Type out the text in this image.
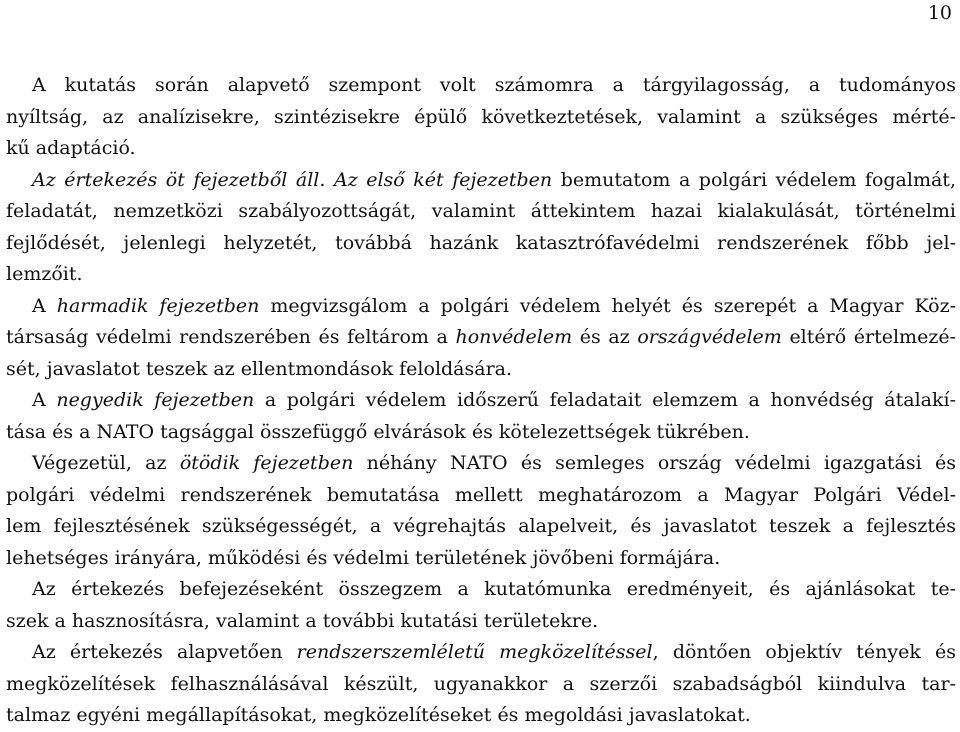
10
A kutatás során alapvető szempont volt számomra a tárgyilagosság, a tudományos
nyíltság, az analízisekre, szintézisekre épülő következtetések, valamint a szükséges mérté-
kű adaptáció.
Az értekezés öt fejezetből áll. Az első két fejezetben bemutatom a polgári védelem fogalmát,
feladatát, nemzetközi szabályozottságát, valamint áttekintem hazai kialakulását, történelmi
fejlődését, jelenlegi helyzetét, továbbá hazánk katasztrófavédelmi rendszerének főbb jel-
lemzőit.
A harmadik fejezetben megvizsgálom a polgári védelem helyét és szerepét a Magyar Köz-
társaság védelmi rendszerében és feltárom a honvédelem és az országvédelem eltérő értelmezé-
sét, javaslatot teszek az ellentmondások feloldására.
A negyedik fejezetben a polgári védelem időszerű feladatait elemzem a honvédség átalakí-
tása és a NATO tagsággal összefüggő elvárások és kötelezettségek tükrében.
Végezetül, az ötödik fejezetben néhány NATO és semleges ország védelmi igazgatási és
polgári védelmi rendszerének bemutatása mellett meghatározom a Magyar Polgári Védel-
lem fejlesztésének szükségességét, a végrehajtás alapelveit, és javaslatot teszek a fejlesztés
lehetséges irányára, működési és védelmi területének jövőbeni formájára.
Az értekezés befejezéseként összegzem a kutatómunka eredményeit, és ajánlásokat te-
szek a hasznosításra, valamint a további kutatási területekre.
Az értekezés alapvetően rendszerszemléletű megközelítéssel, döntően objektív tények és
megközelítések felhasználásával készült, ugyanakkor a szerzői szabadságból kiindulva tar-
talmaz egyéni megállapításokat, megközelítéseket és megoldási javaslatokat.
